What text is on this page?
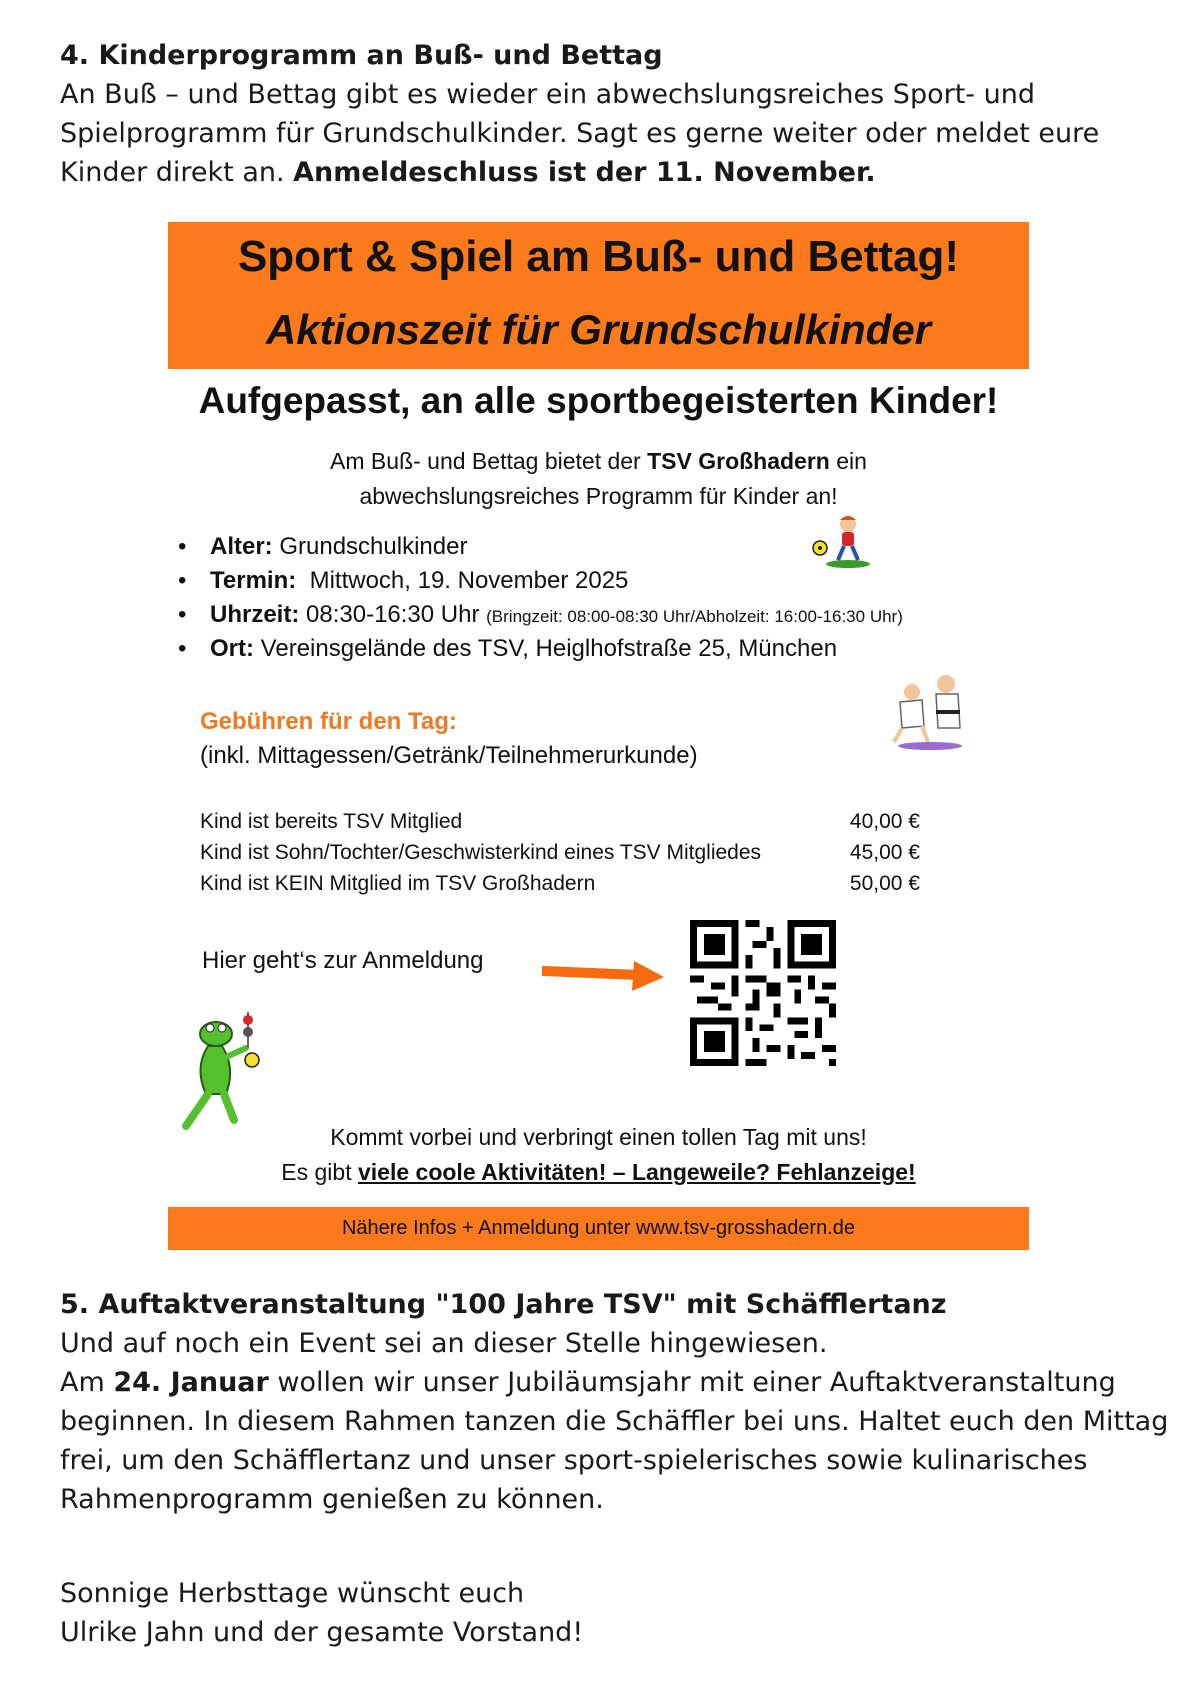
4. Kinderprogramm an Buß- und Bettag

An Buß – und Bettag gibt es wieder ein abwechslungsreiches Sport- und Spielprogramm für Grundschulkinder. Sagt es gerne weiter oder meldet eure Kinder direkt an. Anmeldeschluss ist der 11. November.

Sport & Spiel am Buß- und Bettag!
Aktionszeit für Grundschulkinder
Aufgepasst, an alle sportbegeisterten Kinder!
Am Buß- und Bettag bietet der TSV Großhadern ein
abwechslungsreiches Programm für Kinder an!
• Alter: Grundschulkinder
• Termin:  Mittwoch, 19. November 2025
• Uhrzeit: 08:30-16:30 Uhr (Bringzeit: 08:00-08:30 Uhr/Abholzeit: 16:00-16:30 Uhr)
• Ort: Vereinsgelände des TSV, Heiglhofstraße 25, München
Gebühren für den Tag:
(inkl. Mittagessen/Getränk/Teilnehmerurkunde)
Kind ist bereits TSV Mitglied	40,00 €
Kind ist Sohn/Tochter/Geschwisterkind eines TSV Mitgliedes	45,00 €
Kind ist KEIN Mitglied im TSV Großhadern	50,00 €
Hier geht‘s zur Anmeldung
Kommt vorbei und verbringt einen tollen Tag mit uns!
Es gibt viele coole Aktivitäten! – Langeweile? Fehlanzeige!
Nähere Infos + Anmeldung unter www.tsv-grosshadern.de
5. Auftaktveranstaltung "100 Jahre TSV" mit Schäfflertanz

Und auf noch ein Event sei an dieser Stelle hingewiesen.

Am 24. Januar wollen wir unser Jubiläumsjahr mit einer Auftaktveranstaltung beginnen. In diesem Rahmen tanzen die Schäffler bei uns. Haltet euch den Mittag frei, um den Schäfflertanz und unser sport-spielerisches sowie kulinarisches Rahmenprogramm genießen zu können.

Sonnige Herbsttage wünscht euch

Ulrike Jahn und der gesamte Vorstand!
